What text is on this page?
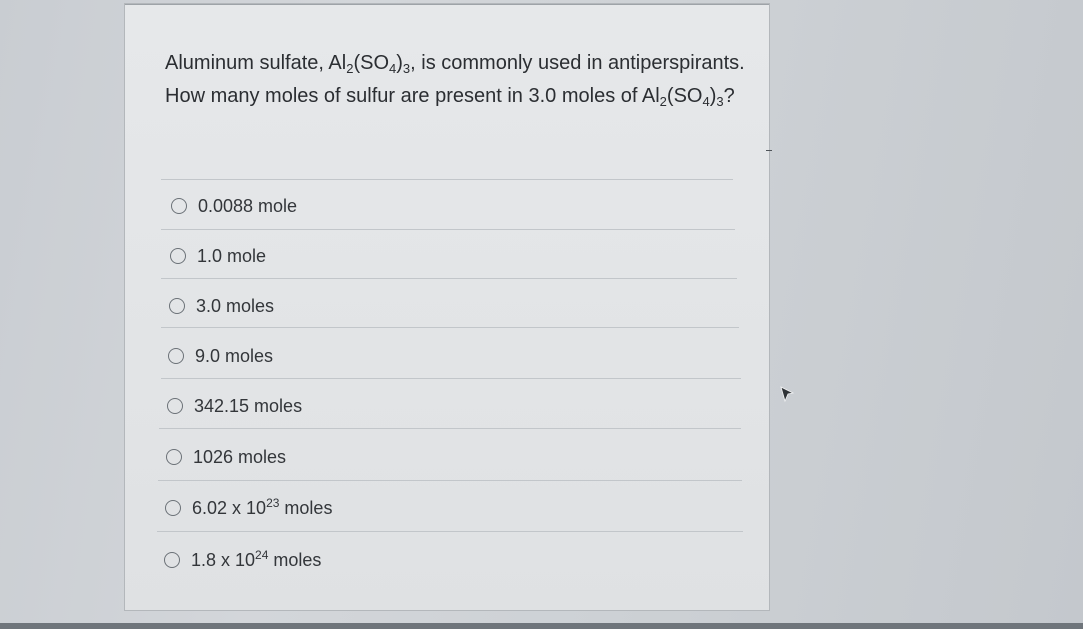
Aluminum sulfate, $Al_2(SO_4)_3$, is commonly used in antiperspirants. How many moles of sulfur are present in 3.0 moles of $Al_2(SO_4)_3$?
0.0088 mole
1.0 mole
3.0 moles
9.0 moles
342.15 moles
1026 moles
6.02 x $10^{23}$ moles
1.8 x $10^{24}$ moles
